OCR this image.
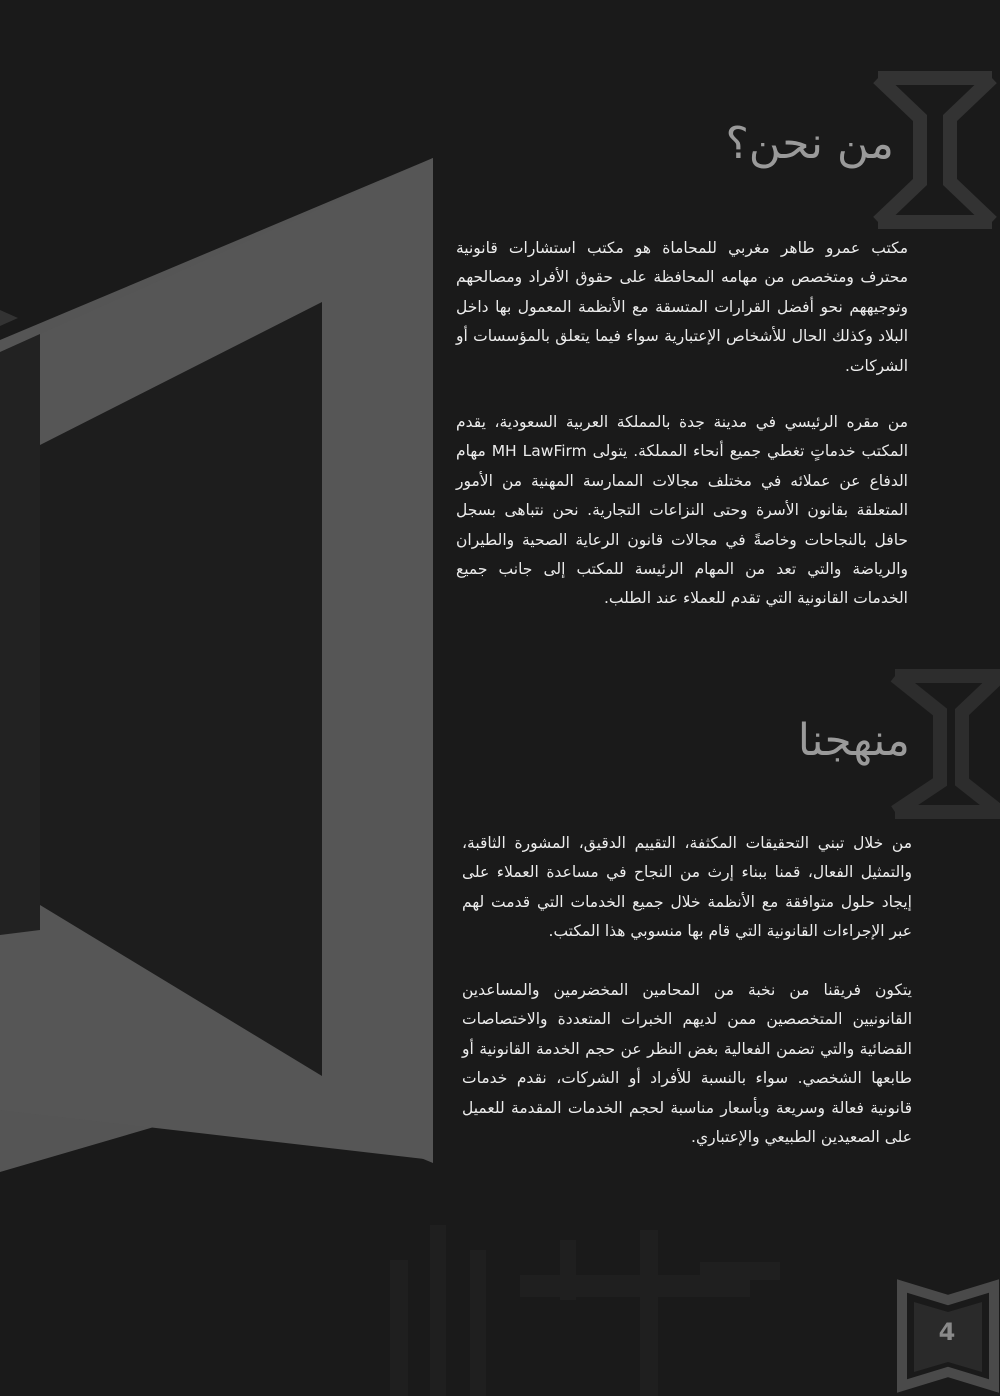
من نحن؟

مكتب عمرو طاهر مغربي للمحاماة هو مكتب استشارات قانونية محترف ومتخصص من مهامه المحافظة على حقوق الأفراد ومصالحهم وتوجيههم نحو أفضل القرارات المتسقة مع الأنظمة المعمول بها داخل البلاد وكذلك الحال للأشخاص الإعتبارية سواء فيما يتعلق بالمؤسسات أو الشركات.

من مقره الرئيسي في مدينة جدة بالمملكة العربية السعودية، يقدم المكتب خدماتٍ تغطي جميع أنحاء المملكة. يتولى MH LawFirm مهام الدفاع عن عملائه في مختلف مجالات الممارسة المهنية من الأمور المتعلقة بقانون الأسرة وحتى النزاعات التجارية. نحن نتباهى بسجل حافل بالنجاحات وخاصةً في مجالات قانون الرعاية الصحية والطيران والرياضة والتي تعد من المهام الرئيسة للمكتب إلى جانب جميع الخدمات القانونية التي تقدم للعملاء عند الطلب.

منهجنا

من خلال تبني التحقيقات المكثفة، التقييم الدقيق، المشورة الثاقبة، والتمثيل الفعال، قمنا ببناء إرث من النجاح في مساعدة العملاء على إيجاد حلول متوافقة مع الأنظمة خلال جميع الخدمات التي قدمت لهم عبر الإجراءات القانونية التي قام بها منسوبي هذا المكتب.

يتكون فريقنا من نخبة من المحامين المخضرمين والمساعدين القانونيين المتخصصين ممن لديهم الخبرات المتعددة والاختصاصات القضائية والتي تضمن الفعالية بغض النظر عن حجم الخدمة القانونية أو طابعها الشخصي. سواء بالنسبة للأفراد أو الشركات، نقدم خدمات قانونية فعالة وسريعة وبأسعار مناسبة لحجم الخدمات المقدمة للعميل على الصعيدين الطبيعي والإعتباري.

4
